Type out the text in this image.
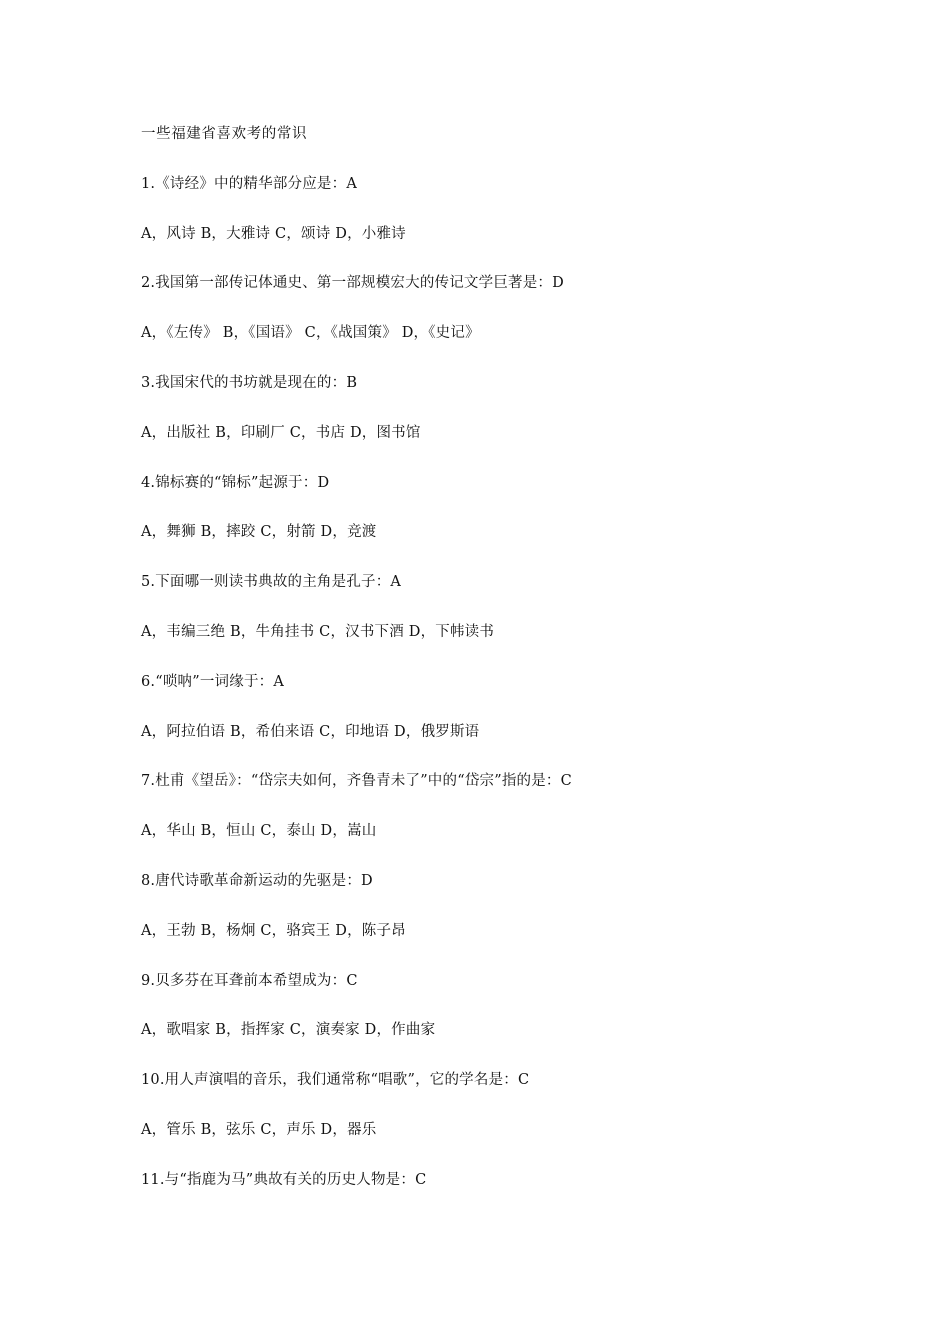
一些福建省喜欢考的常识
1.《诗经》中的精华部分应是：A
A，风诗 B，大雅诗 C，颂诗 D，小雅诗
2.我国第一部传记体通史、第一部规模宏大的传记文学巨著是：D
A，《左传》 B，《国语》 C，《战国策》 D，《史记》
3.我国宋代的书坊就是现在的：B
A，出版社 B，印刷厂 C，书店 D，图书馆
4.锦标赛的“锦标”起源于：D
A，舞狮 B，摔跤 C，射箭 D，竞渡
5.下面哪一则读书典故的主角是孔子：A
A，韦编三绝 B，牛角挂书 C，汉书下酒 D，下帏读书
6.“唢呐”一词缘于：A
A，阿拉伯语 B，希伯来语 C，印地语 D，俄罗斯语
7.杜甫《望岳》：“岱宗夫如何，齐鲁青未了”中的“岱宗”指的是：C
A，华山 B，恒山 C，泰山 D，嵩山
8.唐代诗歌革命新运动的先驱是：D
A，王勃 B，杨炯 C，骆宾王 D，陈子昂
9.贝多芬在耳聋前本希望成为：C
A，歌唱家 B，指挥家 C，演奏家 D，作曲家
10.用人声演唱的音乐，我们通常称“唱歌”，它的学名是：C
A，管乐 B，弦乐 C，声乐 D，器乐
11.与“指鹿为马”典故有关的历史人物是：C
